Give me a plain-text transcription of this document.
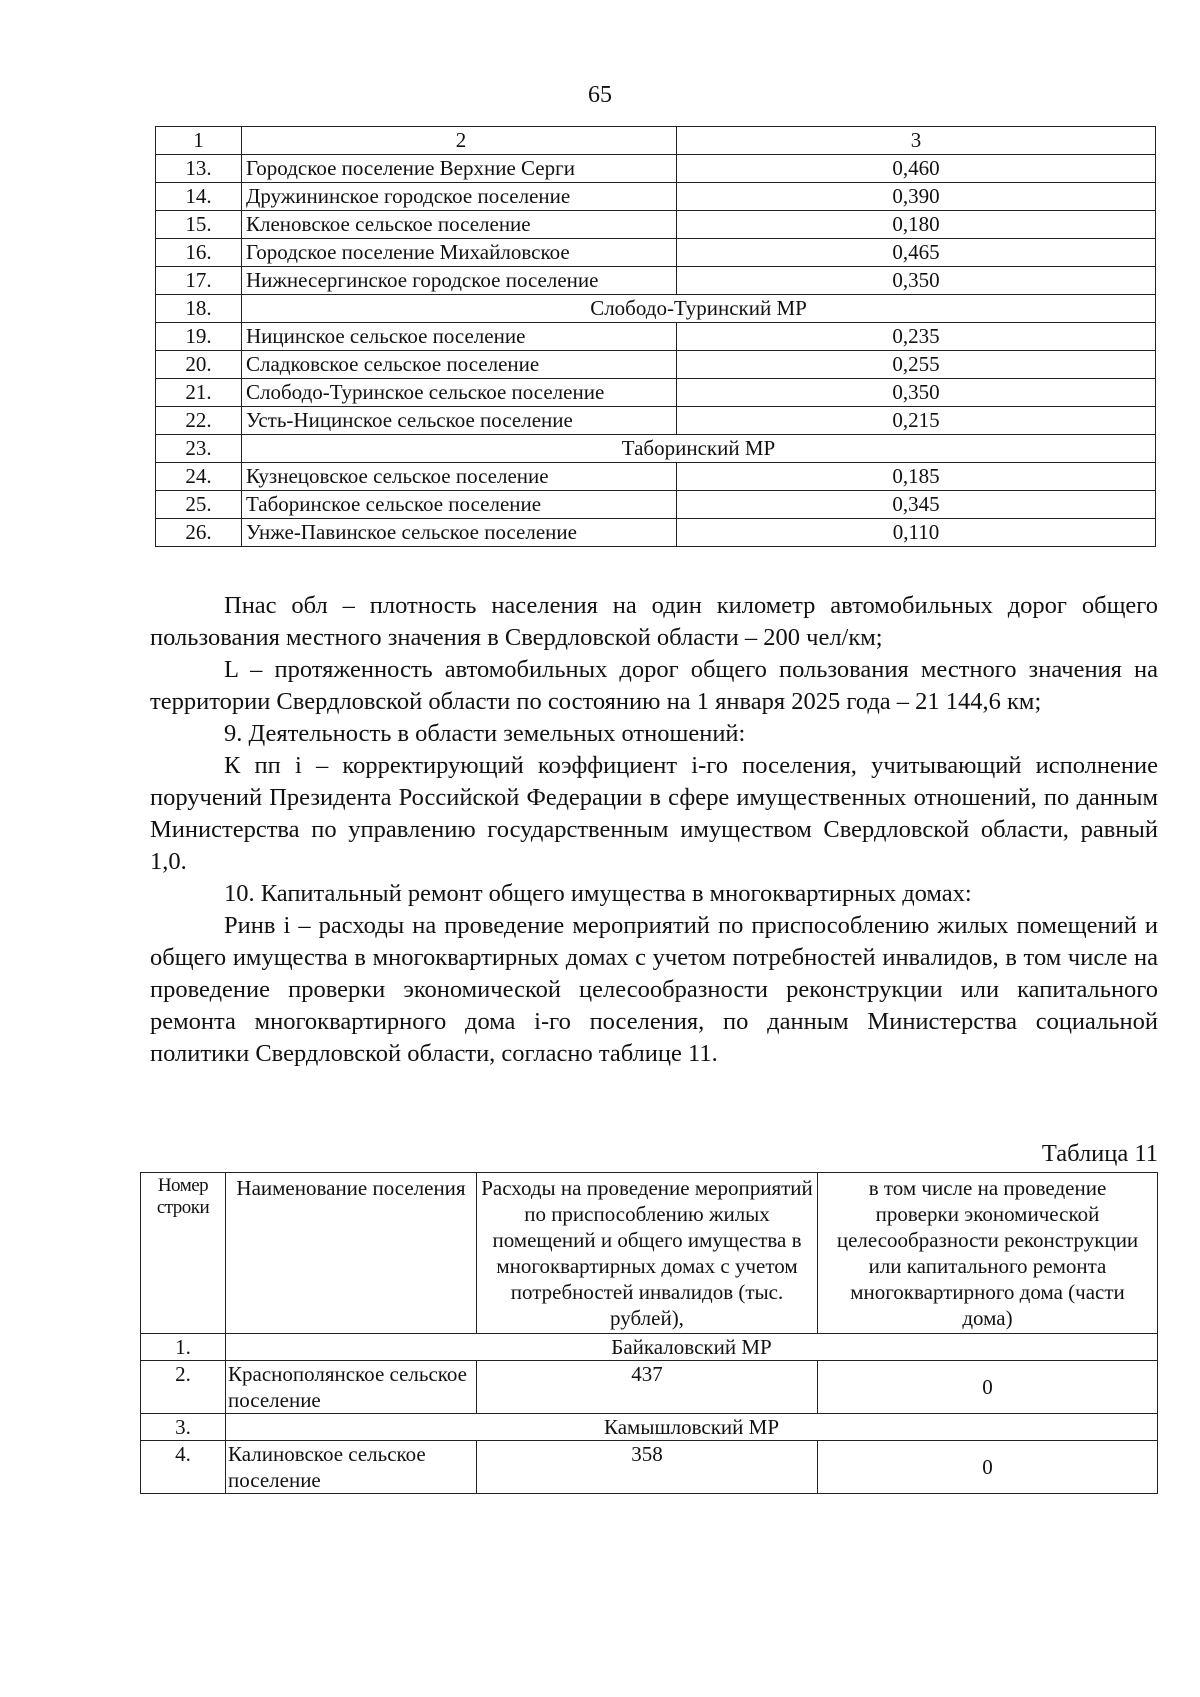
65
1	2	3
13.	Городское поселение Верхние Серги	0,460
14.	Дружининское городское поселение	0,390
15.	Кленовское сельское поселение	0,180
16.	Городское поселение Михайловское	0,465
17.	Нижнесергинское городское поселение	0,350
18.	Слободо-Туринский МР	
19.	Ницинское сельское поселение	0,235
20.	Сладковское сельское поселение	0,255
21.	Слободо-Туринское сельское поселение	0,350
22.	Усть-Ницинское сельское поселение	0,215
23.	Таборинский МР	
24.	Кузнецовское сельское поселение	0,185
25.	Таборинское сельское поселение	0,345
26.	Унже-Павинское сельское поселение	0,110

Пнас обл – плотность населения на один километр автомобильных дорог общего пользования местного значения в Свердловской области – 200 чел/км;

L – протяженность автомобильных дорог общего пользования местного значения на территории Свердловской области по состоянию на 1 января 2025 года – 21 144,6 км;

9. Деятельность в области земельных отношений:

К пп i – корректирующий коэффициент i-го поселения, учитывающий исполнение поручений Президента Российской Федерации в сфере имущественных отношений, по данным Министерства по управлению государственным имуществом Свердловской области, равный 1,0.

10. Капитальный ремонт общего имущества в многоквартирных домах:

Ринв i – расходы на проведение мероприятий по приспособлению жилых помещений и общего имущества в многоквартирных домах с учетом потребностей инвалидов, в том числе на проведение проверки экономической целесообразности реконструкции или капитального ремонта многоквартирного дома i-го поселения, по данным Министерства социальной политики Свердловской области, согласно таблице 11.

Таблица 11
Номер строки	Наименование поселения	Расходы на проведение мероприятий по приспособлению жилых помещений и общего имущества в многоквартирных домах с учетом потребностей инвалидов (тыс. рублей),	в том числе на проведение проверки экономической целесообразности реконструкции или капитального ремонта многоквартирного дома (части дома)
1.	Байкаловский МР		
2.	Краснополянское сельское поселение	437	0
3.	Камышловский МР		
4.	Калиновское сельское поселение	358	0
